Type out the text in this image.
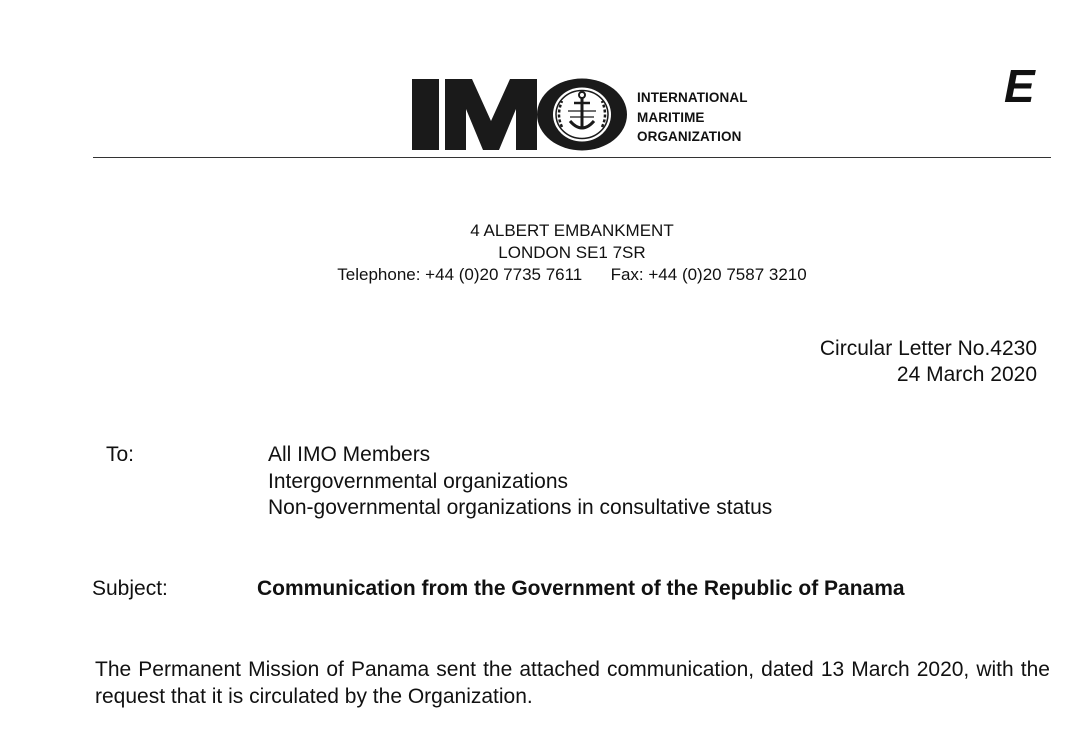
INTERNATIONAL
MARITIME
ORGANIZATION
E
4 ALBERT EMBANKMENT
LONDON SE1 7SR
Telephone: +44 (0)20 7735 7611      Fax: +44 (0)20 7587 3210
Circular Letter No.4230
24 March 2020
To:	All IMO Members
Intergovernmental organizations
Non-governmental organizations in consultative status
Subject:	Communication from the Government of the Republic of Panama
The Permanent Mission of Panama sent the attached communication, dated 13 March 2020, with the request that it is circulated by the Organization.
